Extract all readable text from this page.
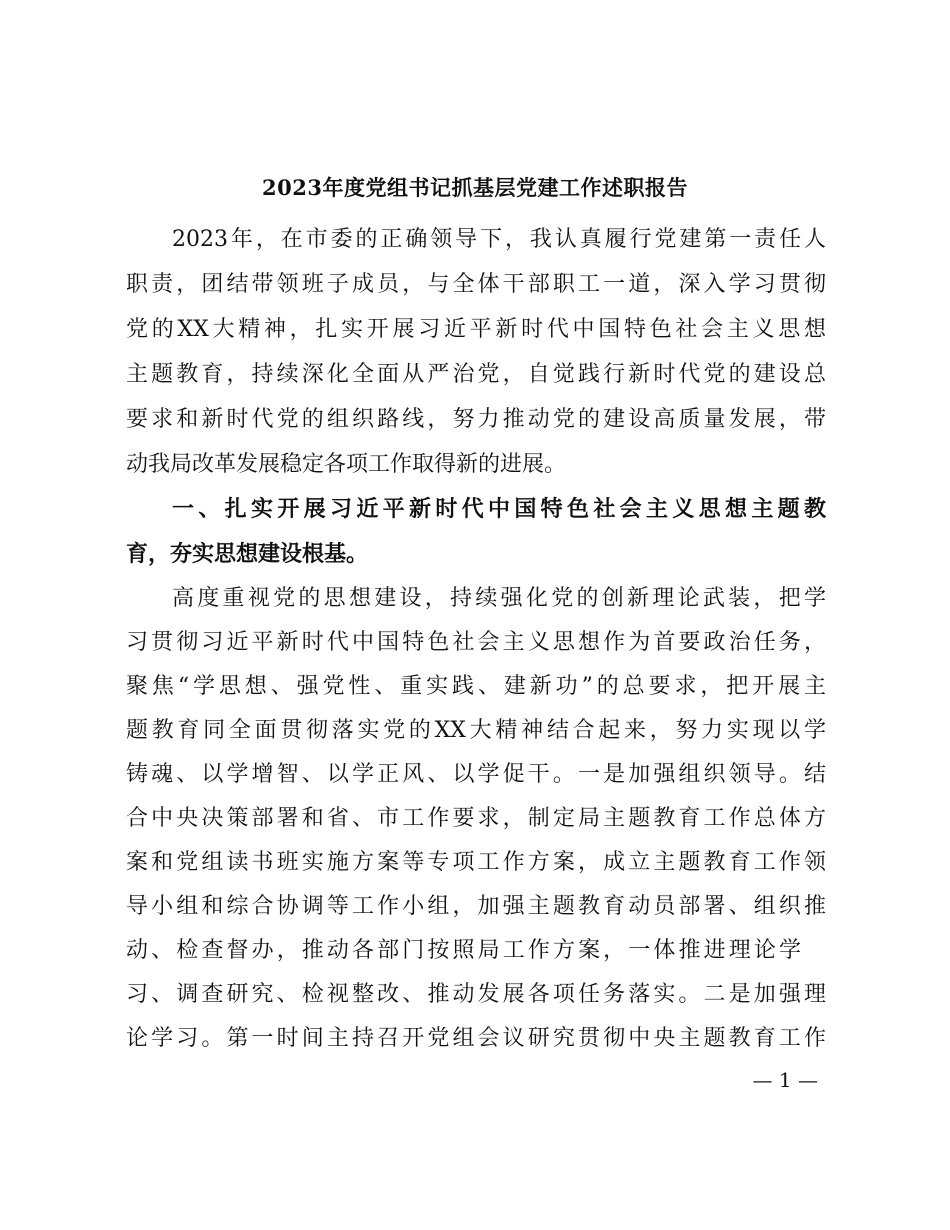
2023年度党组书记抓基层党建工作述职报告
2023年，在市委的正确领导下，我认真履行党建第一责任人
职责，团结带领班子成员，与全体干部职工一道，深入学习贯彻
党的XX大精神，扎实开展习近平新时代中国特色社会主义思想
主题教育，持续深化全面从严治党，自觉践行新时代党的建设总
要求和新时代党的组织路线，努力推动党的建设高质量发展，带
动我局改革发展稳定各项工作取得新的进展。
一、扎实开展习近平新时代中国特色社会主义思想主题教
育，夯实思想建设根基。
高度重视党的思想建设，持续强化党的创新理论武装，把学
习贯彻习近平新时代中国特色社会主义思想作为首要政治任务，
聚焦“学思想、强党性、重实践、建新功”的总要求，把开展主
题教育同全面贯彻落实党的XX大精神结合起来，努力实现以学
铸魂、以学增智、以学正风、以学促干。一是加强组织领导。结
合中央决策部署和省、市工作要求，制定局主题教育工作总体方
案和党组读书班实施方案等专项工作方案，成立主题教育工作领
导小组和综合协调等工作小组，加强主题教育动员部署、组织推
动、检查督办，推动各部门按照局工作方案，一体推进理论学
习、调查研究、检视整改、推动发展各项任务落实。二是加强理
论学习。第一时间主持召开党组会议研究贯彻中央主题教育工作
— 1 —
